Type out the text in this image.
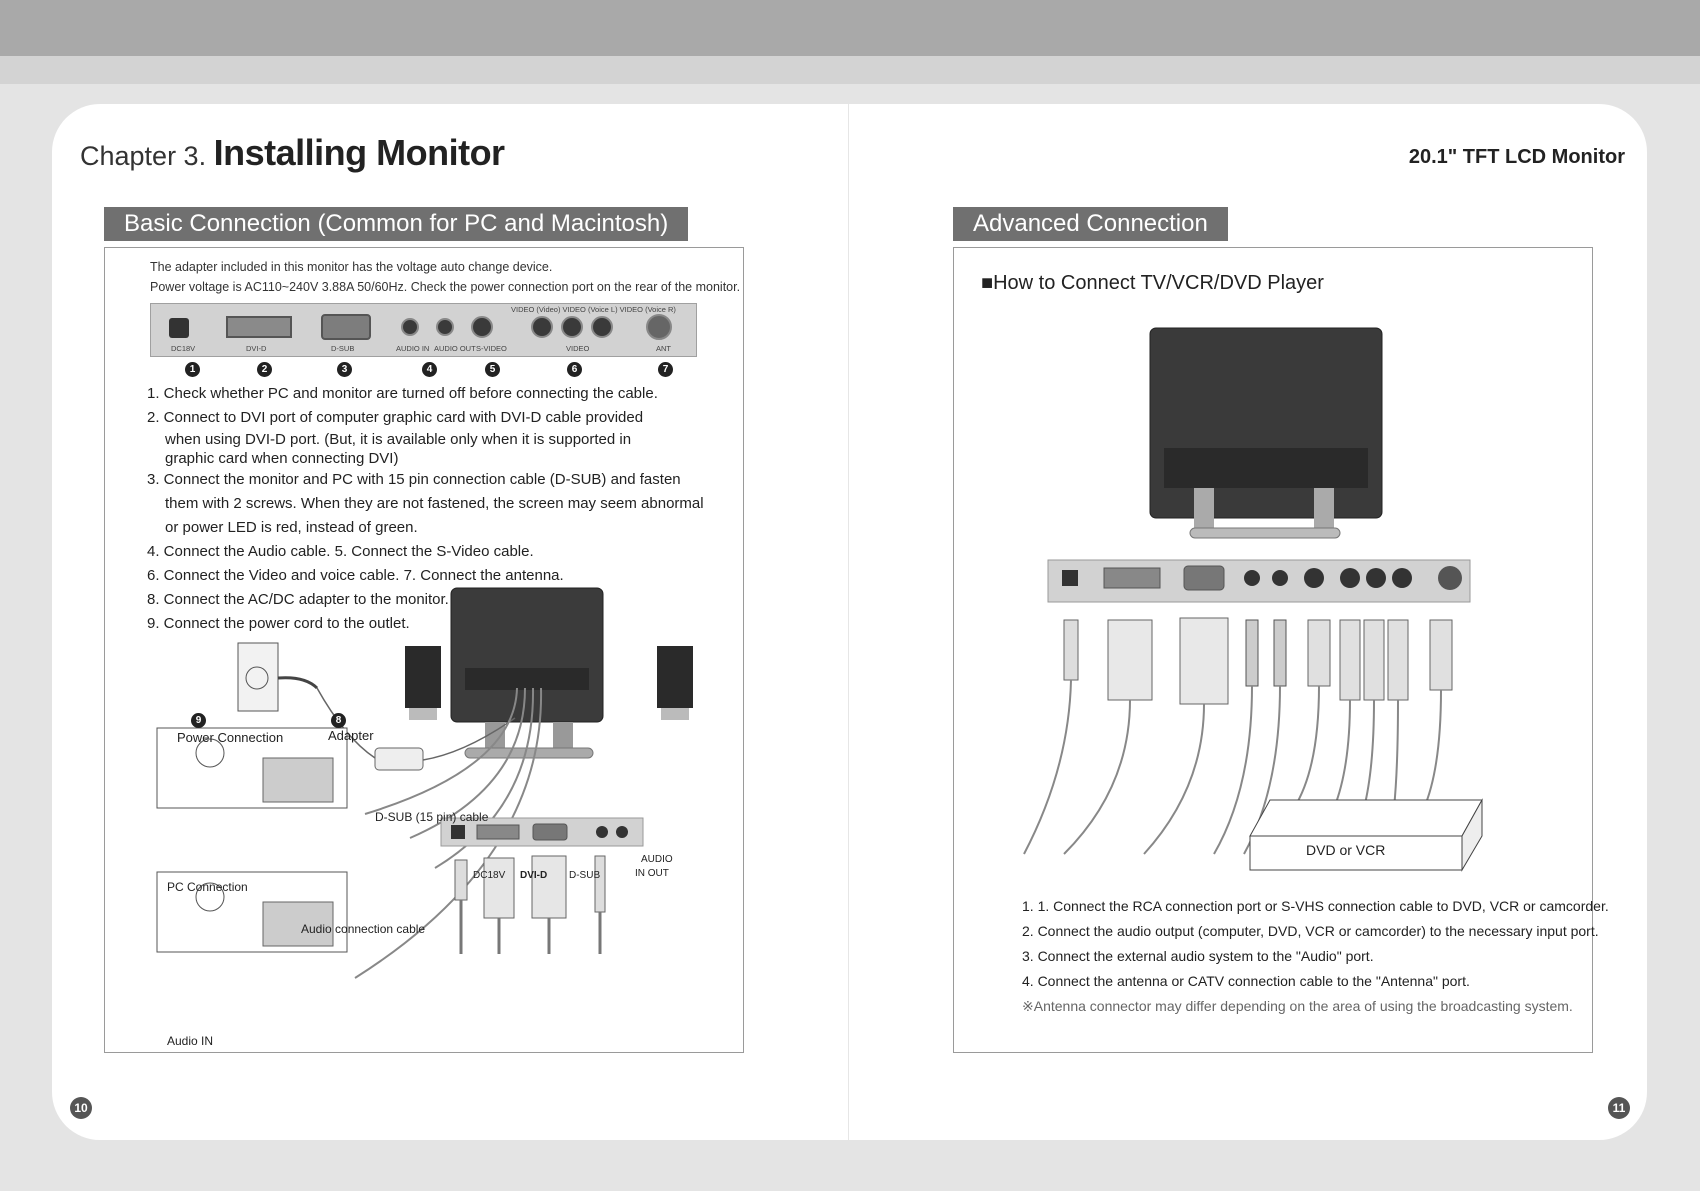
Chapter 3. Installing Monitor	20.1" TFT LCD Monitor
Basic Connection (Common for PC and Macintosh)
The adapter included in this monitor has the voltage auto change device.
Power voltage is AC110~240V 3.88A 50/60Hz. Check the power connection port on the rear of the monitor.
VIDEO (Video) VIDEO (Voice L) VIDEO (Voice R)
DC18V	DVI-D	D-SUB	AUDIO IN AUDIO OUT S-VIDEO	VIDEO	ANT
1	2	3	4	5	6	7
1. Check whether PC and monitor are turned off before connecting the cable.
2. Connect to DVI port of computer graphic card with DVI-D cable provided
when using DVI-D port. (But, it is available only when it is supported in
graphic card when connecting DVI)
3. Connect the monitor and PC with 15 pin connection cable (D-SUB) and fasten
them with 2 screws. When they are not fastened, the screen may seem abnormal
or power LED is red, instead of green.
4. Connect the Audio cable. 5. Connect the S-Video cable.
6. Connect the Video and voice cable. 7. Connect the antenna.
8. Connect the AC/DC adapter to the monitor.
9. Connect the power cord to the outlet.
9
Power Connection
8
Adapter
D-SUB (15 pin) cable
PC Connection
Audio connection cable
Audio IN
DC18V DVI-D D-SUB
AUDIO
IN OUT
Advanced Connection
■How to Connect TV/VCR/DVD Player
DVD or VCR
1. 1. Connect the RCA connection port or S-VHS connection cable to DVD, VCR or camcorder.
2. Connect the audio output (computer, DVD, VCR or camcorder) to the necessary input port.
3. Connect the external audio system to the "Audio" port.
4. Connect the antenna or CATV connection cable to the "Antenna" port.
※Antenna connector may differ depending on the area of using the broadcasting system.
10	11
